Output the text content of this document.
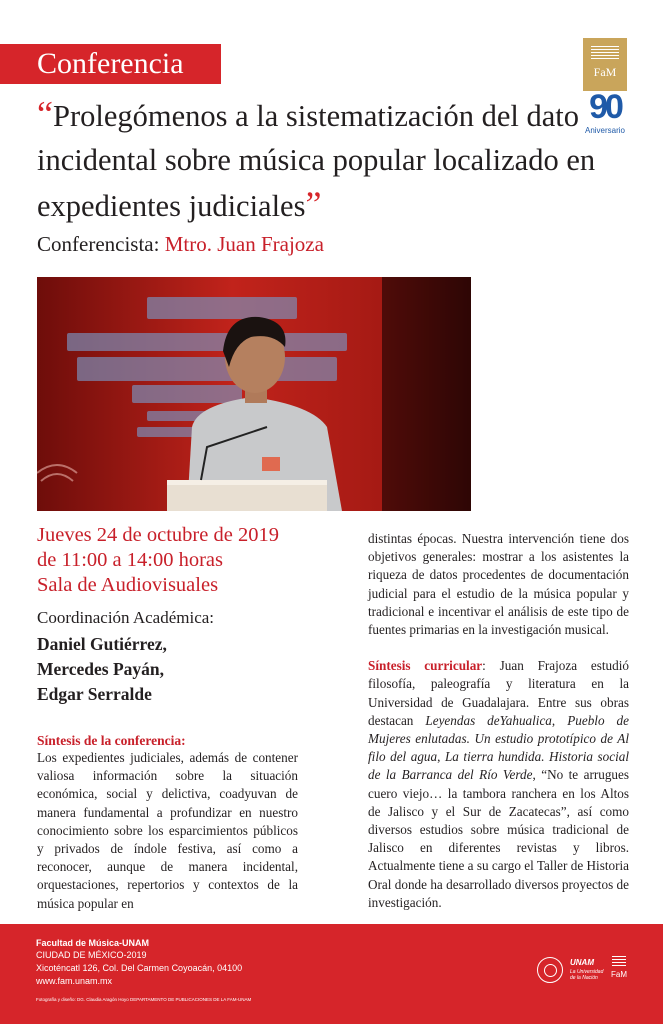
Conferencia	FaM
90
Aniversario
“Prolegómenos a la sistematización del dato incidental sobre música popular localizado en expedientes judiciales”
Conferencista: Mtro. Juan Frajoza
Jueves 24 de octubre de 2019
de 11:00 a 14:00 horas
Sala de Audiovisuales
Coordinación Académica:
Daniel Gutiérrez,
Mercedes Payán,
Edgar Serralde
Síntesis de la conferencia:

Los expedientes judiciales, además de contener valiosa información sobre la situación económica, social y delictiva, coadyuvan de manera fundamental a profundizar en nuestro conocimiento sobre los esparcimientos públicos y privados de índole festiva, así como a reconocer, aunque de manera incidental, orquestaciones, repertorios y contextos de la música popular en

distintas épocas. Nuestra intervención tiene dos objetivos generales: mostrar a los asistentes la riqueza de datos procedentes de documentación judicial para el estudio de la música popular y tradicional e incentivar el análisis de este tipo de fuentes primarias en la investigación musical.

Síntesis curricular: Juan Frajoza estudió filosofía, paleografía y literatura en la Universidad de Guadalajara. Entre sus obras destacan Leyendas deYahualica, Pueblo de Mujeres enlutadas. Un estudio prototípico de Al filo del agua, La tierra hundida. Historia social de la Barranca del Río Verde, “No te arrugues cuero viejo… la tambora ranchera en los Altos de Jalisco y el Sur de Zacatecas”, así como diversos estudios sobre música tradicional de Jalisco en diferentes revistas y libros. Actualmente tiene a su cargo el Taller de Historia Oral donde ha desarrollado diversos proyectos de investigación.

Facultad de Música-UNAM
CIUDAD DE MÉXICO-2019
Xicoténcatl 126, Col. Del Carmen Coyoacán, 04100
www.fam.unam.mx
Fotografía y diseño: DG. Claudia Aragón Hoyo DEPARTAMENTO DE PUBLICACIONES DE LA FAM-UNAM
UNAM
La Universidad de la Nación	FaM
